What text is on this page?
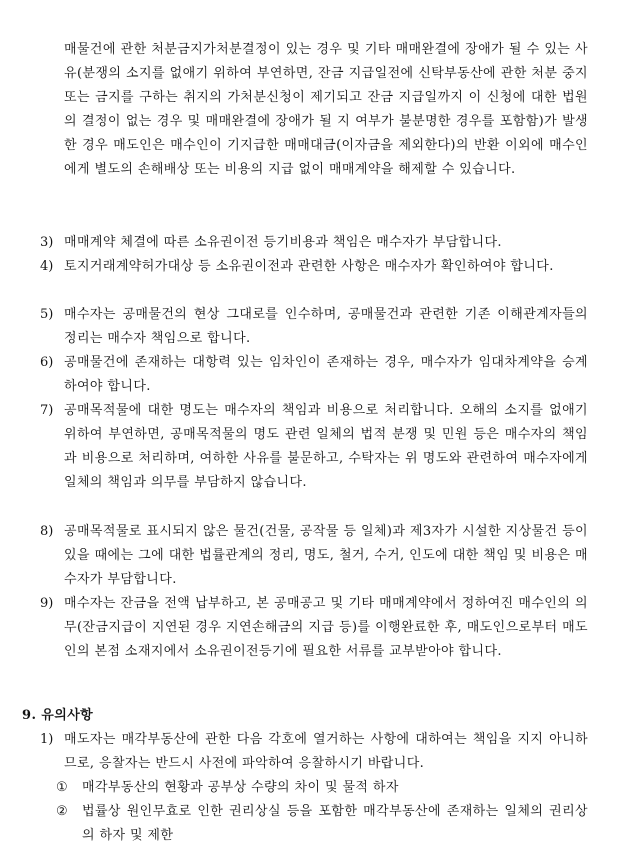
매물건에 관한 처분금지가처분결정이 있는 경우 및 기타 매매완결에 장애가 될 수 있는 사유(분쟁의 소지를 없애기 위하여 부연하면, 잔금 지급일전에 신탁부동산에 관한 처분 중지 또는 금지를 구하는 취지의 가처분신청이 제기되고 잔금 지급일까지 이 신청에 대한 법원의 결정이 없는 경우 및 매매완결에 장애가 될 지 여부가 불분명한 경우를 포함함)가 발생한 경우 매도인은 매수인이 기지급한 매매대금(이자금을 제외한다)의 반환 이외에 매수인에게 별도의 손해배상 또는 비용의 지급 없이 매매계약을 해제할 수 있습니다.
3) 매매계약 체결에 따른 소유권이전 등기비용과 책임은 매수자가 부담합니다.
4) 토지거래계약허가대상 등 소유권이전과 관련한 사항은 매수자가 확인하여야 합니다.
5) 매수자는 공매물건의 현상 그대로를 인수하며, 공매물건과 관련한 기존 이해관계자들의 정리는 매수자 책임으로 합니다.
6) 공매물건에 존재하는 대항력 있는 임차인이 존재하는 경우, 매수자가 임대차계약을 승계하여야 합니다.
7) 공매목적물에 대한 명도는 매수자의 책임과 비용으로 처리합니다. 오해의 소지를 없애기 위하여 부연하면, 공매목적물의 명도 관련 일체의 법적 분쟁 및 민원 등은 매수자의 책임과 비용으로 처리하며, 여하한 사유를 불문하고, 수탁자는 위 명도와 관련하여 매수자에게 일체의 책임과 의무를 부담하지 않습니다.
8) 공매목적물로 표시되지 않은 물건(건물, 공작물 등 일체)과 제3자가 시설한 지상물건 등이 있을 때에는 그에 대한 법률관계의 정리, 명도, 철거, 수거, 인도에 대한 책임 및 비용은 매수자가 부담합니다.
9) 매수자는 잔금을 전액 납부하고, 본 공매공고 및 기타 매매계약에서 정하여진 매수인의 의무(잔금지급이 지연된 경우 지연손해금의 지급 등)를 이행완료한 후, 매도인으로부터 매도인의 본점 소재지에서 소유권이전등기에 필요한 서류를 교부받아야 합니다.
9. 유의사항
1) 매도자는 매각부동산에 관한 다음 각호에 열거하는 사항에 대하여는 책임을 지지 아니하므로, 응찰자는 반드시 사전에 파악하여 응찰하시기 바랍니다.
① 매각부동산의 현황과 공부상 수량의 차이 및 물적 하자
② 법률상 원인무효로 인한 권리상실 등을 포함한 매각부동산에 존재하는 일체의 권리상의 하자 및 제한
